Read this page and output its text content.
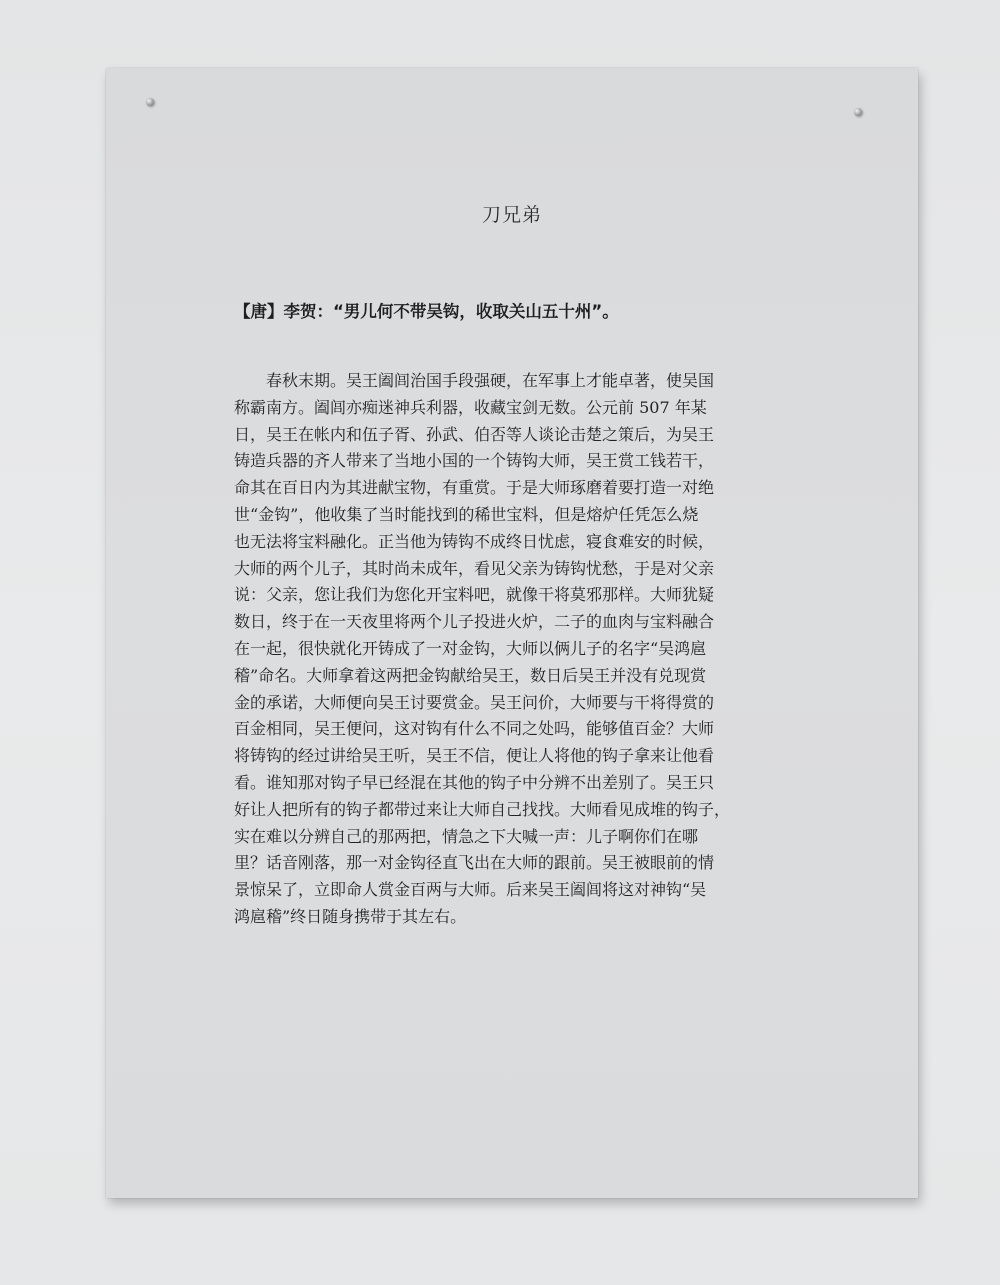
刀兄弟
【唐】李贺：“男儿何不带吴钩，收取关山五十州”。
　　春秋末期。吴王阖闾治国手段强硬，在军事上才能卓著，使吴国
称霸南方。阖闾亦痴迷神兵利器，收藏宝剑无数。公元前 507 年某
日，吴王在帐内和伍子胥、孙武、伯否等人谈论击楚之策后，为吴王
铸造兵器的齐人带来了当地小国的一个铸钩大师，吴王赏工钱若干，
命其在百日内为其进献宝物，有重赏。于是大师琢磨着要打造一对绝
世“金钩”，他收集了当时能找到的稀世宝料，但是熔炉任凭怎么烧
也无法将宝料融化。正当他为铸钩不成终日忧虑，寝食难安的时候，
大师的两个儿子，其时尚未成年，看见父亲为铸钩忧愁，于是对父亲
说：父亲，您让我们为您化开宝料吧，就像干将莫邪那样。大师犹疑
数日，终于在一天夜里将两个儿子投进火炉，二子的血肉与宝料融合
在一起，很快就化开铸成了一对金钩，大师以俩儿子的名字“吴鸿扈
稽”命名。大师拿着这两把金钩献给吴王，数日后吴王并没有兑现赏
金的承诺，大师便向吴王讨要赏金。吴王问价，大师要与干将得赏的
百金相同，吴王便问，这对钩有什么不同之处吗，能够值百金？大师
将铸钩的经过讲给吴王听，吴王不信，便让人将他的钩子拿来让他看
看。谁知那对钩子早已经混在其他的钩子中分辨不出差别了。吴王只
好让人把所有的钩子都带过来让大师自己找找。大师看见成堆的钩子，
实在难以分辨自己的那两把，情急之下大喊一声：儿子啊你们在哪
里？话音刚落，那一对金钩径直飞出在大师的跟前。吴王被眼前的情
景惊呆了，立即命人赏金百两与大师。后来吴王阖闾将这对神钩“吴
鸿扈稽”终日随身携带于其左右。
